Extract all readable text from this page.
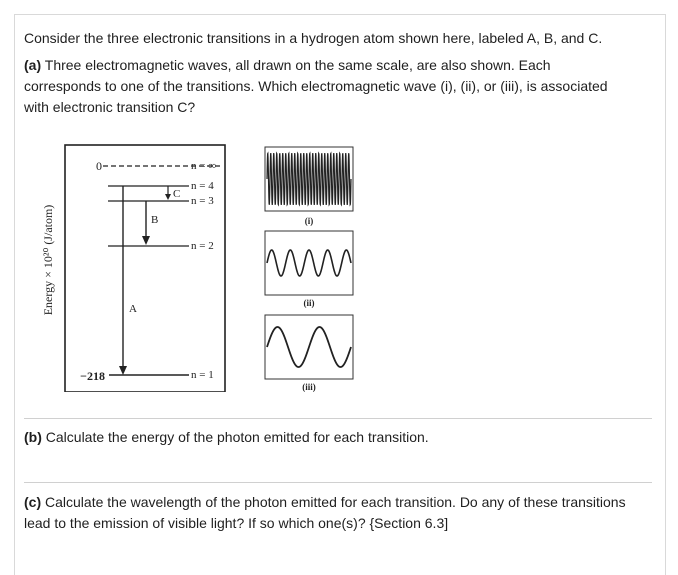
Consider the three electronic transitions in a hydrogen atom shown here, labeled A, B, and C.
(a) Three electromagnetic waves, all drawn on the same scale, are also shown. Each corresponds to one of the transitions. Which electromagnetic wave (i), (ii), or (iii), is associated with electronic transition C?
Energy × 10²⁰ (J/atom)
0
−218
n = ∞
n = 4
n = 3
n = 2
n = 1
A
B
C
(i)
(ii)
(iii)
(b) Calculate the energy of the photon emitted for each transition.
(c) Calculate the wavelength of the photon emitted for each transition. Do any of these transitions lead to the emission of visible light? If so which one(s)? {Section 6.3]
